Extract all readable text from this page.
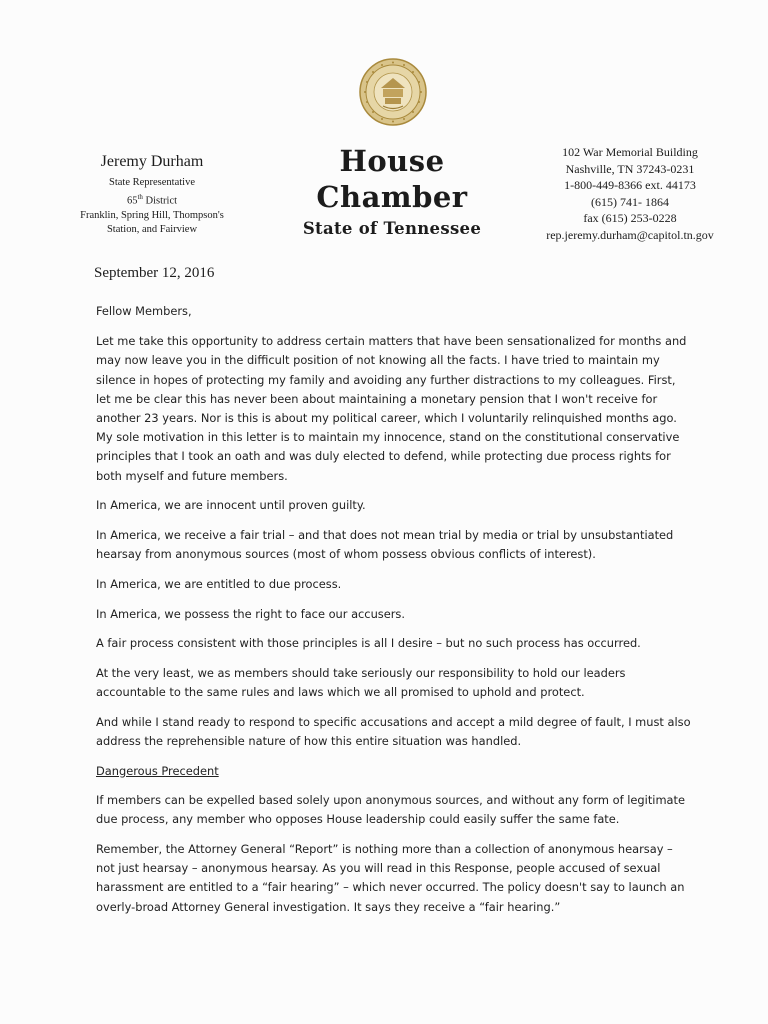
Jeremy Durham
State Representative
65th District
Franklin, Spring Hill, Thompson's
Station, and Fairview
House Chamber
State of Tennessee
102 War Memorial Building
Nashville, TN 37243-0231
1-800-449-8366 ext. 44173
(615) 741- 1864
fax (615) 253-0228
rep.jeremy.durham@capitol.tn.gov
September 12, 2016

Fellow Members,

Let me take this opportunity to address certain matters that have been sensationalized for months and may now leave you in the difficult position of not knowing all the facts. I have tried to maintain my silence in hopes of protecting my family and avoiding any further distractions to my colleagues. First, let me be clear this has never been about maintaining a monetary pension that I won't receive for another 23 years. Nor is this is about my political career, which I voluntarily relinquished months ago. My sole motivation in this letter is to maintain my innocence, stand on the constitutional conservative principles that I took an oath and was duly elected to defend, while protecting due process rights for both myself and future members.

In America, we are innocent until proven guilty.

In America, we receive a fair trial – and that does not mean trial by media or trial by unsubstantiated hearsay from anonymous sources (most of whom possess obvious conflicts of interest).

In America, we are entitled to due process.

In America, we possess the right to face our accusers.

A fair process consistent with those principles is all I desire – but no such process has occurred.

At the very least, we as members should take seriously our responsibility to hold our leaders accountable to the same rules and laws which we all promised to uphold and protect.

And while I stand ready to respond to specific accusations and accept a mild degree of fault, I must also address the reprehensible nature of how this entire situation was handled.

Dangerous Precedent

If members can be expelled based solely upon anonymous sources, and without any form of legitimate due process, any member who opposes House leadership could easily suffer the same fate.

Remember, the Attorney General “Report” is nothing more than a collection of anonymous hearsay – not just hearsay – anonymous hearsay. As you will read in this Response, people accused of sexual harassment are entitled to a “fair hearing” – which never occurred. The policy doesn't say to launch an overly-broad Attorney General investigation. It says they receive a “fair hearing.”
